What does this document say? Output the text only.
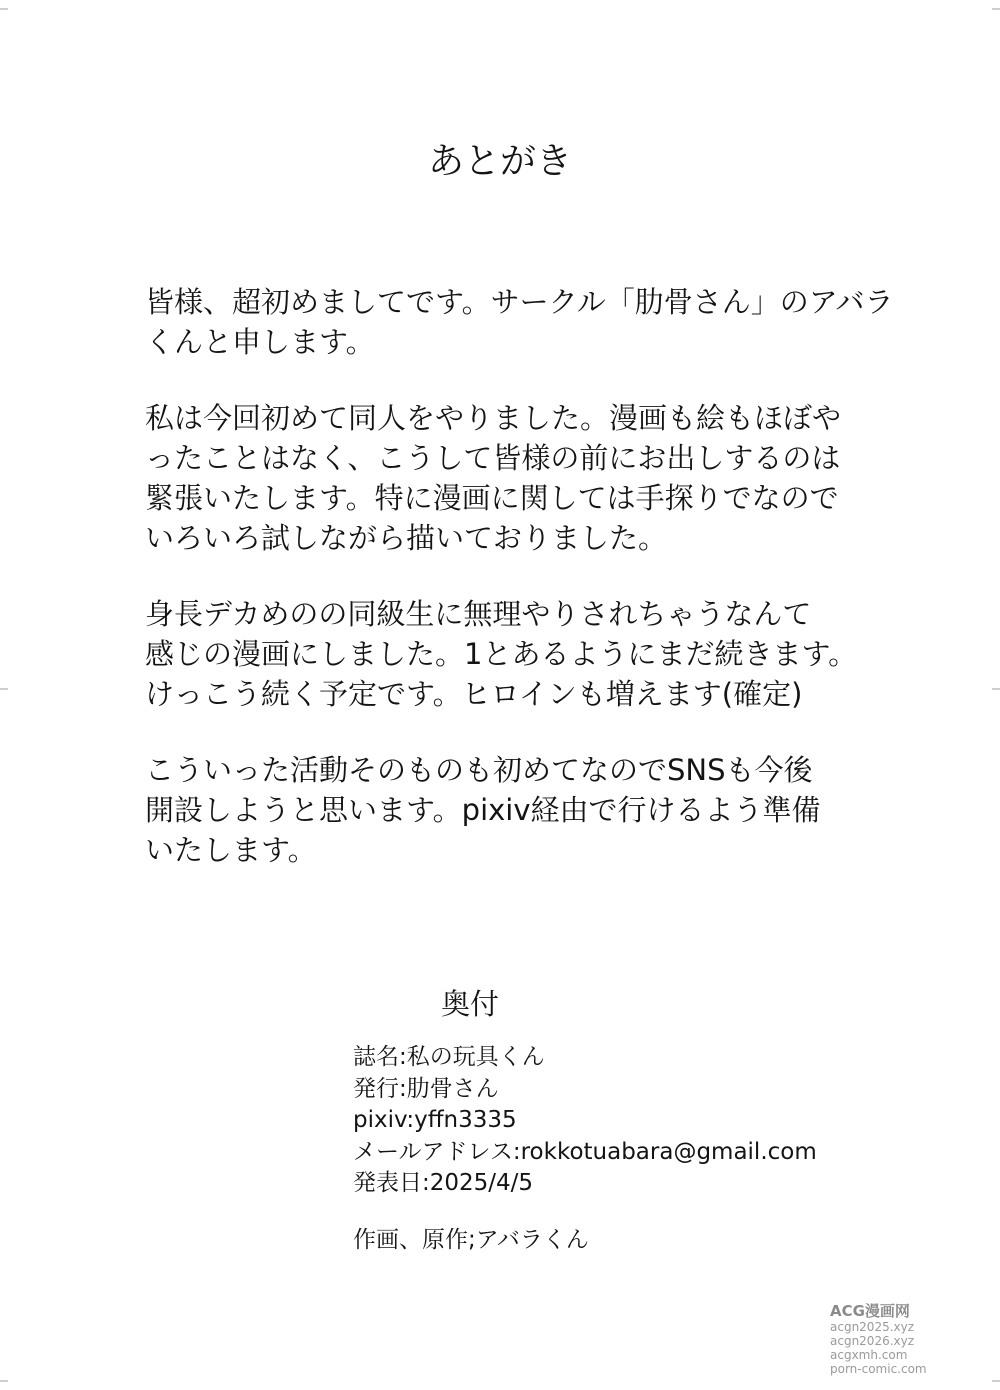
あとがき

皆様、超初めましてです。サークル「肋骨さん」のアバラ
くんと申します。

私は今回初めて同人をやりました。漫画も絵もほぼや
ったことはなく、こうして皆様の前にお出しするのは
緊張いたします。特に漫画に関しては手探りでなので
いろいろ試しながら描いておりました。

身長デカめのの同級生に無理やりされちゃうなんて
感じの漫画にしました。1とあるようにまだ続きます。
けっこう続く予定です。ヒロインも増えます(確定)

こういった活動そのものも初めてなのでSNSも今後
開設しようと思います。pixiv経由で行けるよう準備
いたします。

奥付
誌名:私の玩具くん
発行:肋骨さん
pixiv:yffn3335
メールアドレス:rokkotuabara@gmail.com
発表日:2025/4/5
作画、原作;アバラくん
ACG漫画网
acgn2025.xyz
acgn2026.xyz
acgxmh.com
porn-comic.com
